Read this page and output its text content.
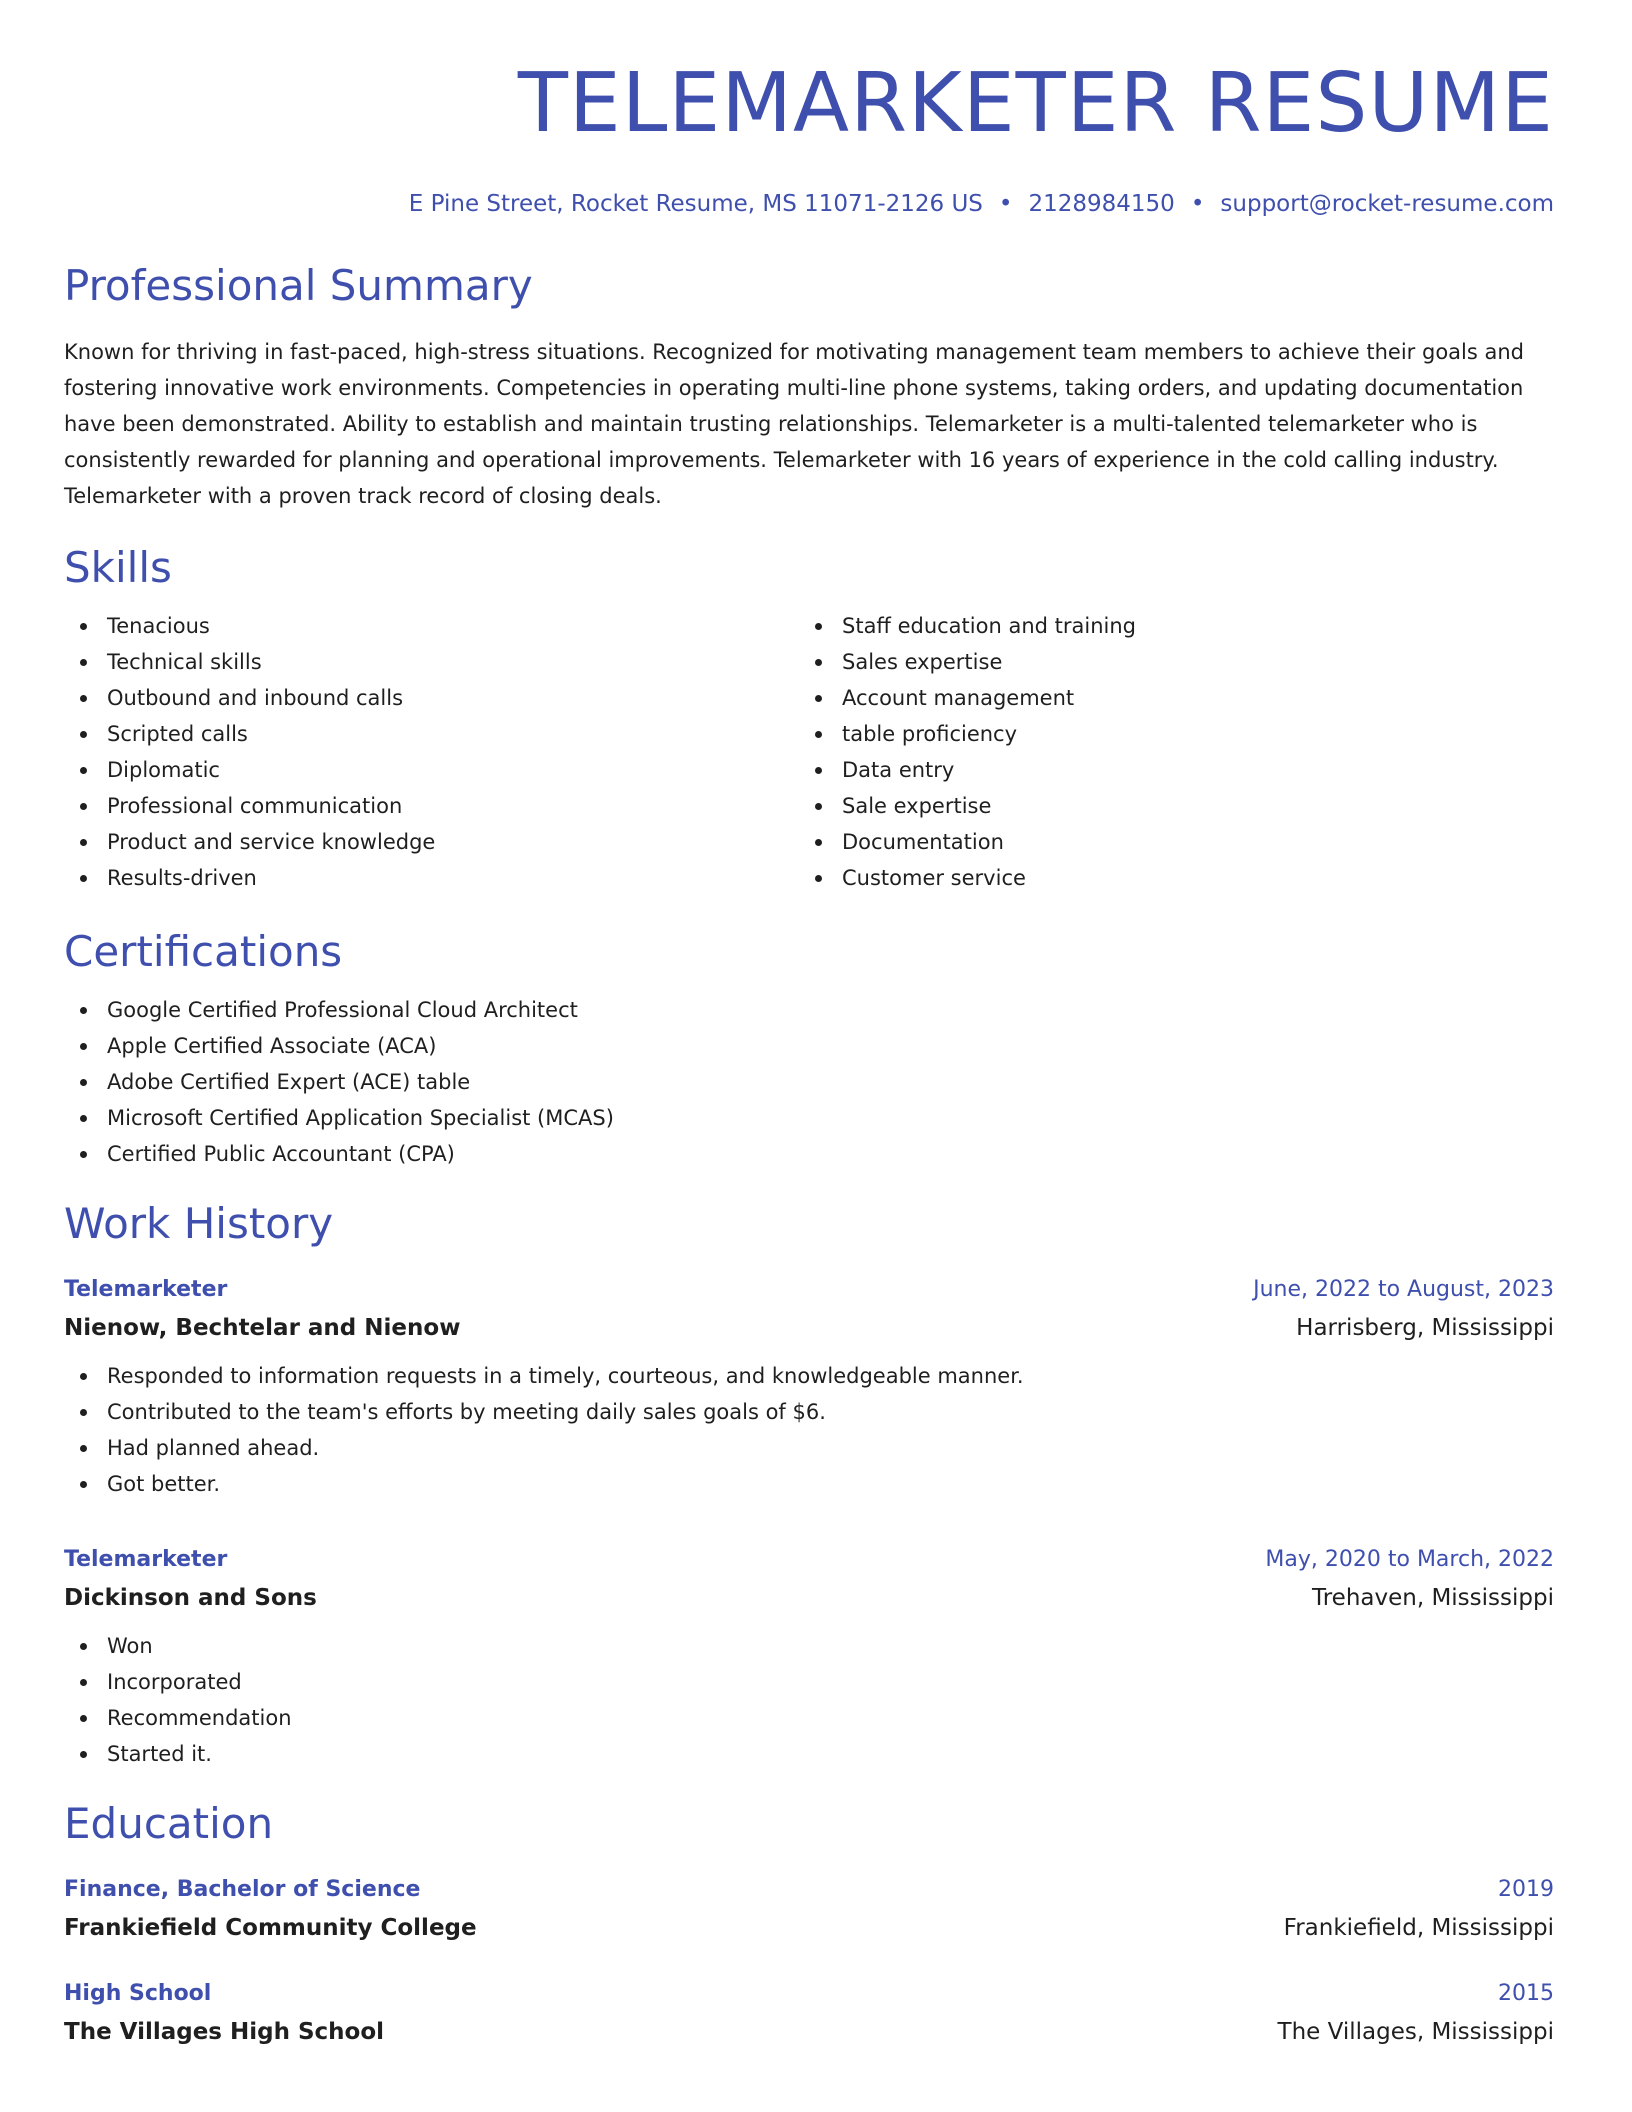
TELEMARKETER RESUME
E Pine Street, Rocket Resume, MS 11071-2126 US • 2128984150 • support@rocket-resume.com
Professional Summary

Known for thriving in fast-paced, high-stress situations. Recognized for motivating management team members to achieve their goals and fostering innovative work environments. Competencies in operating multi-line phone systems, taking orders, and updating documentation have been demonstrated. Ability to establish and maintain trusting relationships. Telemarketer is a multi-talented telemarketer who is consistently rewarded for planning and operational improvements. Telemarketer with 16 years of experience in the cold calling industry. Telemarketer with a proven track record of closing deals.

Skills
Tenacious
Technical skills
Outbound and inbound calls
Scripted calls
Diplomatic
Professional communication
Product and service knowledge
Results-driven
Staff education and training
Sales expertise
Account management
table proficiency
Data entry
Sale expertise
Documentation
Customer service
Certifications
Google Certified Professional Cloud Architect
Apple Certified Associate (ACA)
Adobe Certified Expert (ACE) table
Microsoft Certified Application Specialist (MCAS)
Certified Public Accountant (CPA)
Work History
Telemarketer	June, 2022 to August, 2023
Nienow, Bechtelar and Nienow	Harrisberg, Mississippi
Responded to information requests in a timely, courteous, and knowledgeable manner.
Contributed to the team's efforts by meeting daily sales goals of $6.
Had planned ahead.
Got better.
Telemarketer	May, 2020 to March, 2022
Dickinson and Sons	Trehaven, Mississippi
Won
Incorporated
Recommendation
Started it.
Education
Finance, Bachelor of Science	2019
Frankiefield Community College	Frankiefield, Mississippi
High School	2015
The Villages High School	The Villages, Mississippi
